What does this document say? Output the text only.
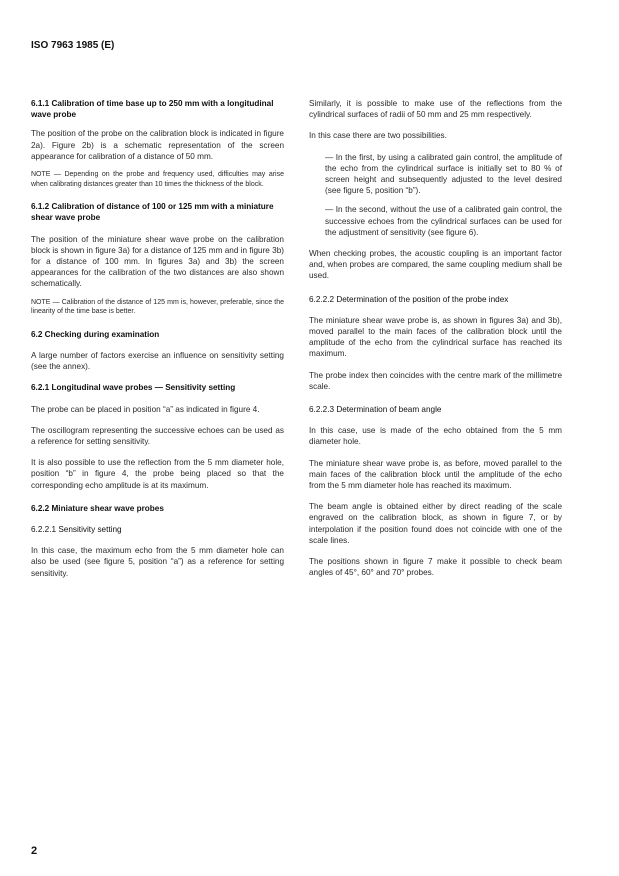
ISO 7963 1985 (E)
6.1.1 Calibration of time base up to 250 mm with a longitudinal wave probe

The position of the probe on the calibration block is indicated in figure 2a). Figure 2b) is a schematic representation of the screen appearance for calibration of a distance of 50 mm.

NOTE — Depending on the probe and frequency used, difficulties may arise when calibrating distances greater than 10 times the thickness of the block.

6.1.2 Calibration of distance of 100 or 125 mm with a miniature shear wave probe

The position of the miniature shear wave probe on the calibration block is shown in figure 3a) for a distance of 125 mm and in figure 3b) for a distance of 100 mm. In figures 3a) and 3b) the screen appearances for the calibration of the two distances are also shown schematically.

NOTE — Calibration of the distance of 125 mm is, however, preferable, since the linearity of the time base is better.

6.2 Checking during examination

A large number of factors exercise an influence on sensitivity setting (see the annex).

6.2.1 Longitudinal wave probes — Sensitivity setting

The probe can be placed in position “a” as indicated in figure 4.

The oscillogram representing the successive echoes can be used as a reference for setting sensitivity.

It is also possible to use the reflection from the 5 mm diameter hole, position “b” in figure 4, the probe being placed so that the corresponding echo amplitude is at its maximum.

6.2.2 Miniature shear wave probes
6.2.2.1 Sensitivity setting

In this case, the maximum echo from the 5 mm diameter hole can also be used (see figure 5, position “a”) as a reference for setting sensitivity.

Similarly, it is possible to make use of the reflections from the cylindrical surfaces of radii of 50 mm and 25 mm respectively.

In this case there are two possibilities.

— In the first, by using a calibrated gain control, the amplitude of the echo from the cylindrical surface is initially set to 80 % of screen height and subsequently adjusted to the level desired (see figure 5, position “b”).

— In the second, without the use of a calibrated gain control, the successive echoes from the cylindrical surfaces can be used for the adjustment of sensitivity (see figure 6).

When checking probes, the acoustic coupling is an important factor and, when probes are compared, the same coupling medium shall be used.

6.2.2.2 Determination of the position of the probe index

The miniature shear wave probe is, as shown in figures 3a) and 3b), moved parallel to the main faces of the calibration block until the amplitude of the echo from the cylindrical surface has reached its maximum.

The probe index then coincides with the centre mark of the millimetre scale.

6.2.2.3 Determination of beam angle

In this case, use is made of the echo obtained from the 5 mm diameter hole.

The miniature shear wave probe is, as before, moved parallel to the main faces of the calibration block until the amplitude of the echo from the 5 mm diameter hole has reached its maximum.

The beam angle is obtained either by direct reading of the scale engraved on the calibration block, as shown in figure 7, or by interpolation if the position found does not coincide with one of the scale lines.

The positions shown in figure 7 make it possible to check beam angles of 45°, 60° and 70° probes.

2
